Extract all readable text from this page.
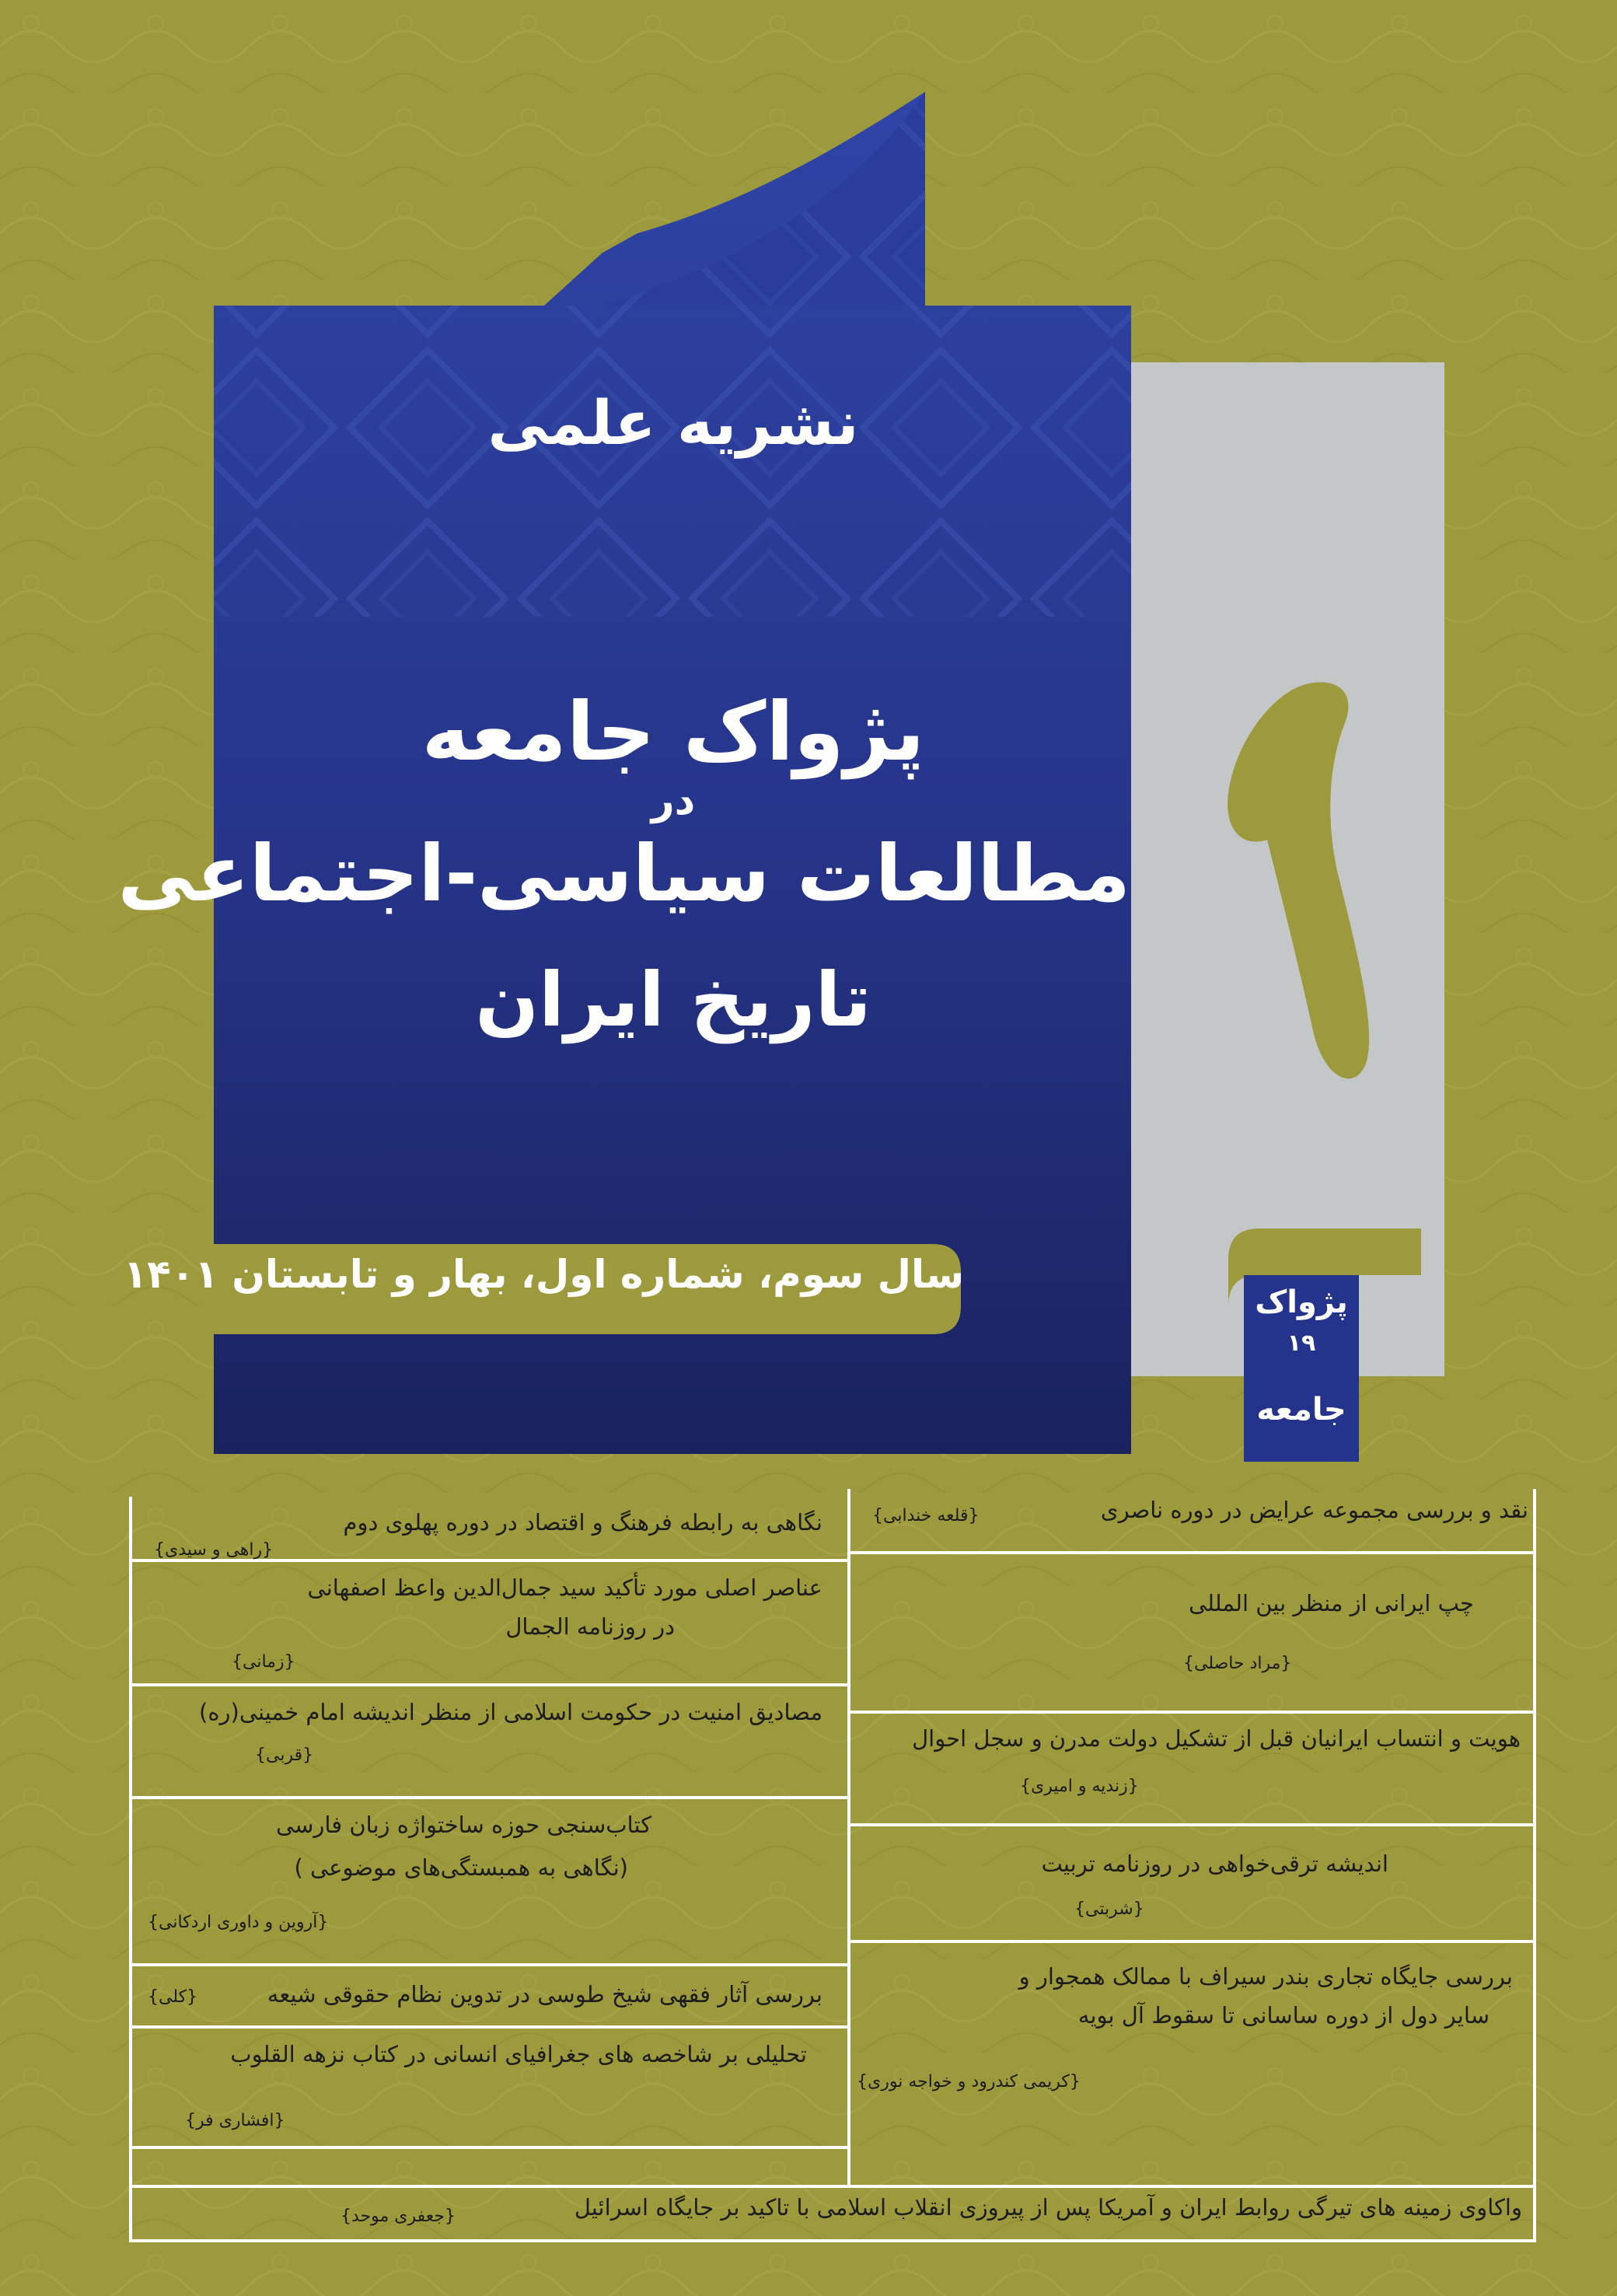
پژواک
۱۹
جامعه
نشریه علمی
پژواک جامعه
در
مطالعات سیاسی-اجتماعی
تاریخ ایران
سال سوم، شماره اول، بهار و تابستان ۱۴۰۱
نگاهی به رابطه فرهنگ و اقتصاد در دوره پهلوی دوم
{راهی و سیدی}
عناصر اصلی مورد تأکید سید جمال‌الدین واعظ اصفهانی
در روزنامه الجمال
{زمانی}
مصادیق امنیت در حکومت اسلامی از منظر اندیشه امام خمینی(ره)
{قربی}
کتاب‌سنجی حوزه ساختواژه زبان فارسی
(نگاهی به همبستگی‌های موضوعی )
{آروین و داوری اردکانی}
بررسی آثار فقهی شیخ طوسی در تدوین نظام حقوقی شیعه
{کلی}
تحلیلی بر شاخصه های جغرافیای انسانی در کتاب نزهه القلوب
{افشاری فر}
نقد و بررسی مجموعه عرایض در دوره ناصری
{قلعه خندابی}
چپ ایرانی از منظر بین المللی
{مراد حاصلی}
هویت و انتساب ایرانیان قبل از تشکیل دولت مدرن و سجل احوال
{زندیه و امیری}
اندیشه ترقی‌خواهی در روزنامه تربیت
{شربتی}
بررسی جایگاه تجاری بندر سیراف با ممالک همجوار و
سایر دول از دوره ساسانی تا سقوط آل بویه
{کریمی کندرود و خواجه نوری}
واکاوی زمینه های تیرگی روابط ایران و آمریکا پس از پیروزی انقلاب اسلامی با تاکید بر جایگاه اسرائیل
{جعفری موحد}
